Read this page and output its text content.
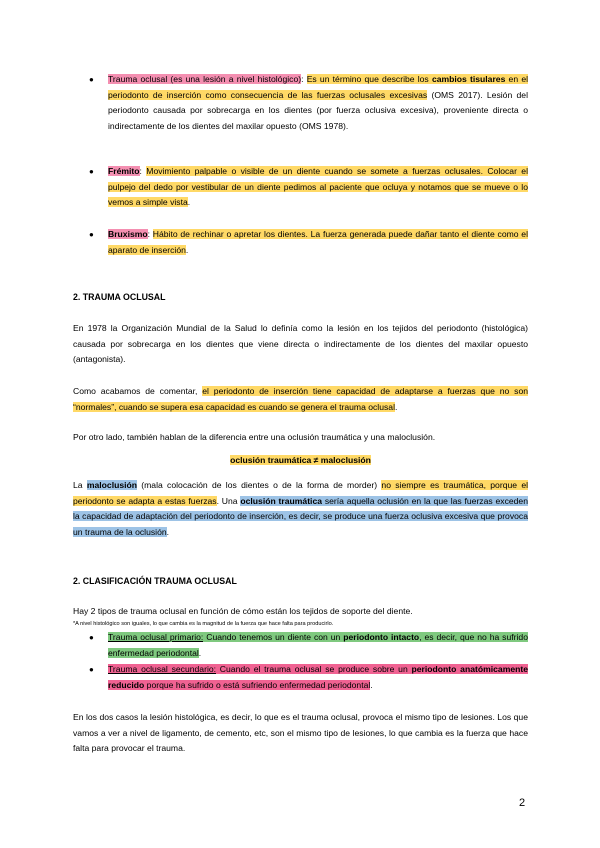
●	Trauma oclusal (es una lesión a nivel histológico): Es un término que describe los cambios tisulares en el periodonto de inserción como consecuencia de las fuerzas oclusales excesivas (OMS 2017). Lesión del periodonto causada por sobrecarga en los dientes (por fuerza oclusiva excesiva), proveniente directa o indirectamente de los dientes del maxilar opuesto (OMS 1978).
●	Frémito: Movimiento palpable o visible de un diente cuando se somete a fuerzas oclusales. Colocar el pulpejo del dedo por vestibular de un diente pedimos al paciente que ocluya y notamos que se mueve o lo vemos a simple vista.
●	Bruxismo: Hábito de rechinar o apretar los dientes. La fuerza generada puede dañar tanto el diente como el aparato de inserción.
2. TRAUMA OCLUSAL
En 1978 la Organización Mundial de la Salud lo definía como la lesión en los tejidos del periodonto (histológica) causada por sobrecarga en los dientes que viene directa o indirectamente de los dientes del maxilar opuesto (antagonista).
Como acabamos de comentar, el periodonto de inserción tiene capacidad de adaptarse a fuerzas que no son “normales”, cuando se supera esa capacidad es cuando se genera el trauma oclusal.
Por otro lado, también hablan de la diferencia entre una oclusión traumática y una maloclusión.
oclusión traumática ≠ maloclusión
La maloclusión (mala colocación de los dientes o de la forma de morder) no siempre es traumática, porque el periodonto se adapta a estas fuerzas. Una oclusión traumática sería aquella oclusión en la que las fuerzas exceden la capacidad de adaptación del periodonto de inserción, es decir, se produce una fuerza oclusiva excesiva que provoca un trauma de la oclusión.
2. CLASIFICACIÓN TRAUMA OCLUSAL
Hay 2 tipos de trauma oclusal en función de cómo están los tejidos de soporte del diente.
*A nivel histológico son iguales, lo que cambia es la magnitud de la fuerza que hace falta para producirlo.
●	Trauma oclusal primario: Cuando tenemos un diente con un periodonto intacto, es decir, que no ha sufrido enfermedad periodontal.
●	Trauma oclusal secundario: Cuando el trauma oclusal se produce sobre un periodonto anatómicamente reducido porque ha sufrido o está sufriendo enfermedad periodontal.
En los dos casos la lesión histológica, es decir, lo que es el trauma oclusal, provoca el mismo tipo de lesiones. Los que vamos a ver a nivel de ligamento, de cemento, etc, son el mismo tipo de lesiones, lo que cambia es la fuerza que hace falta para provocar el trauma.
2
